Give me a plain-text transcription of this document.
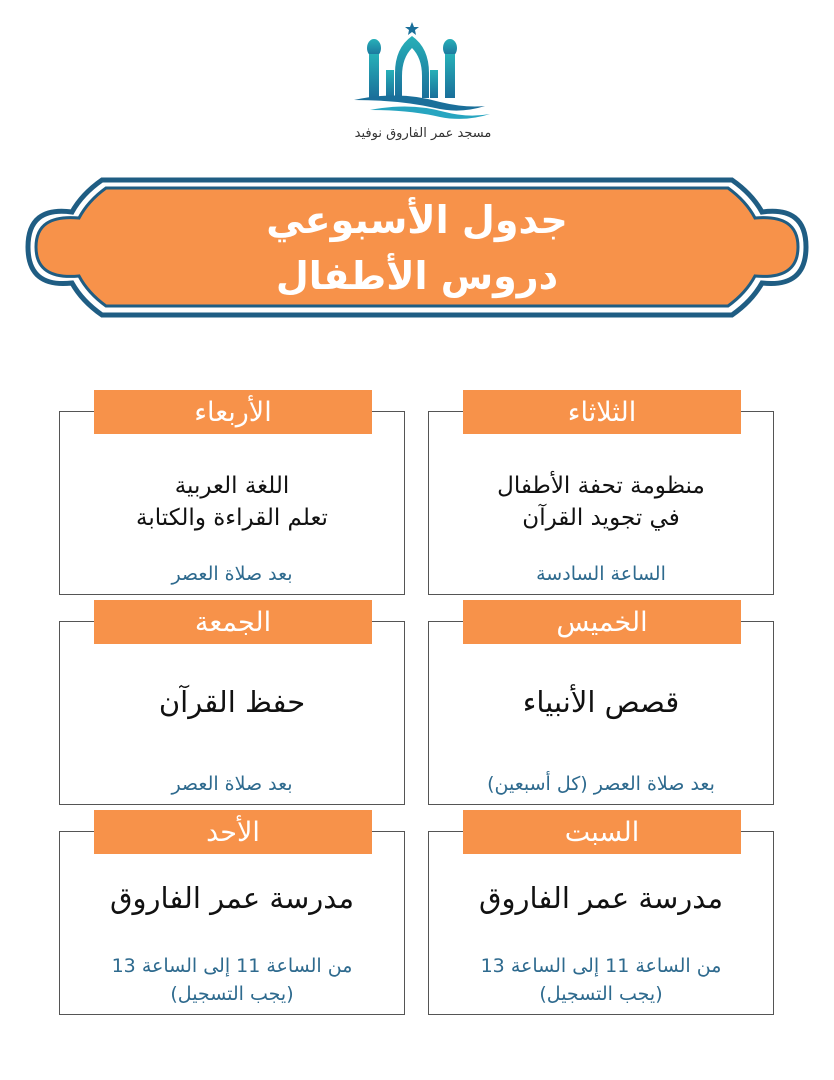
مسجد عمر الفاروق نوفيد
جدول الأسبوعي
دروس الأطفال
الأربعاء
اللغة العربية
تعلم القراءة والكتابة
بعد صلاة العصر
الثلاثاء
منظومة تحفة الأطفال
في تجويد القرآن
الساعة السادسة
الجمعة
حفظ القرآن
بعد صلاة العصر
الخميس
قصص الأنبياء
بعد صلاة العصر (كل أسبعين)
الأحد
مدرسة عمر الفاروق
من الساعة 11 إلى الساعة 13
(يجب التسجيل)
السبت
مدرسة عمر الفاروق
من الساعة 11 إلى الساعة 13
(يجب التسجيل)
